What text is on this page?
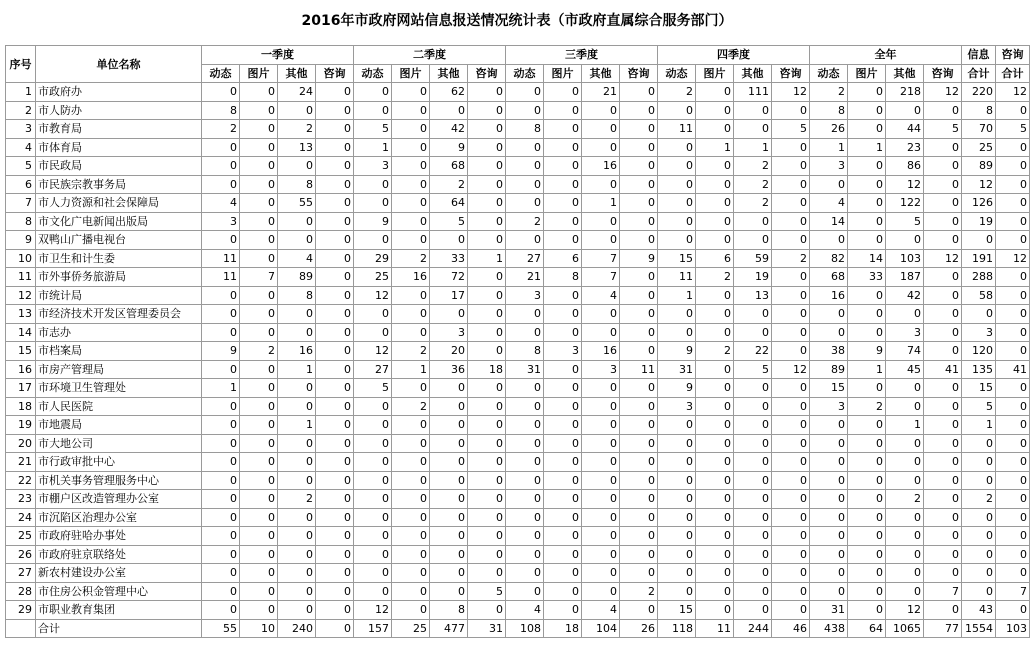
2016年市政府网站信息报送情况统计表（市政府直属综合服务部门）
序号	单位名称	一季度				二季度				三季度				四季度				全年				信息	咨询
		动态	图片	其他	咨询	动态	图片	其他	咨询	动态	图片	其他	咨询	动态	图片	其他	咨询	动态	图片	其他	咨询	合计	合计
1	市政府办	0	0	24	0	0	0	62	0	0	0	21	0	2	0	111	12	2	0	218	12	220	12
2	市人防办	8	0	0	0	0	0	0	0	0	0	0	0	0	0	0	0	8	0	0	0	8	0
3	市教育局	2	0	2	0	5	0	42	0	8	0	0	0	11	0	0	5	26	0	44	5	70	5
4	市体育局	0	0	13	0	1	0	9	0	0	0	0	0	0	1	1	0	1	1	23	0	25	0
5	市民政局	0	0	0	0	3	0	68	0	0	0	16	0	0	0	2	0	3	0	86	0	89	0
6	市民族宗教事务局	0	0	8	0	0	0	2	0	0	0	0	0	0	0	2	0	0	0	12	0	12	0
7	市人力资源和社会保障局	4	0	55	0	0	0	64	0	0	0	1	0	0	0	2	0	4	0	122	0	126	0
8	市文化广电新闻出版局	3	0	0	0	9	0	5	0	2	0	0	0	0	0	0	0	14	0	5	0	19	0
9	双鸭山广播电视台	0	0	0	0	0	0	0	0	0	0	0	0	0	0	0	0	0	0	0	0	0	0
10	市卫生和计生委	11	0	4	0	29	2	33	1	27	6	7	9	15	6	59	2	82	14	103	12	191	12
11	市外事侨务旅游局	11	7	89	0	25	16	72	0	21	8	7	0	11	2	19	0	68	33	187	0	288	0
12	市统计局	0	0	8	0	12	0	17	0	3	0	4	0	1	0	13	0	16	0	42	0	58	0
13	市经济技术开发区管理委员会	0	0	0	0	0	0	0	0	0	0	0	0	0	0	0	0	0	0	0	0	0	0
14	市志办	0	0	0	0	0	0	3	0	0	0	0	0	0	0	0	0	0	0	3	0	3	0
15	市档案局	9	2	16	0	12	2	20	0	8	3	16	0	9	2	22	0	38	9	74	0	120	0
16	市房产管理局	0	0	1	0	27	1	36	18	31	0	3	11	31	0	5	12	89	1	45	41	135	41
17	市环境卫生管理处	1	0	0	0	5	0	0	0	0	0	0	0	9	0	0	0	15	0	0	0	15	0
18	市人民医院	0	0	0	0	0	2	0	0	0	0	0	0	3	0	0	0	3	2	0	0	5	0
19	市地震局	0	0	1	0	0	0	0	0	0	0	0	0	0	0	0	0	0	0	1	0	1	0
20	市大地公司	0	0	0	0	0	0	0	0	0	0	0	0	0	0	0	0	0	0	0	0	0	0
21	市行政审批中心	0	0	0	0	0	0	0	0	0	0	0	0	0	0	0	0	0	0	0	0	0	0
22	市机关事务管理服务中心	0	0	0	0	0	0	0	0	0	0	0	0	0	0	0	0	0	0	0	0	0	0
23	市棚户区改造管理办公室	0	0	2	0	0	0	0	0	0	0	0	0	0	0	0	0	0	0	2	0	2	0
24	市沉陷区治理办公室	0	0	0	0	0	0	0	0	0	0	0	0	0	0	0	0	0	0	0	0	0	0
25	市政府驻哈办事处	0	0	0	0	0	0	0	0	0	0	0	0	0	0	0	0	0	0	0	0	0	0
26	市政府驻京联络处	0	0	0	0	0	0	0	0	0	0	0	0	0	0	0	0	0	0	0	0	0	0
27	新农村建设办公室	0	0	0	0	0	0	0	0	0	0	0	0	0	0	0	0	0	0	0	0	0	0
28	市住房公积金管理中心	0	0	0	0	0	0	0	5	0	0	0	2	0	0	0	0	0	0	0	7	0	7
29	市职业教育集团	0	0	0	0	12	0	8	0	4	0	4	0	15	0	0	0	31	0	12	0	43	0
	合计	55	10	240	0	157	25	477	31	108	18	104	26	118	11	244	46	438	64	1065	77	1554	103
